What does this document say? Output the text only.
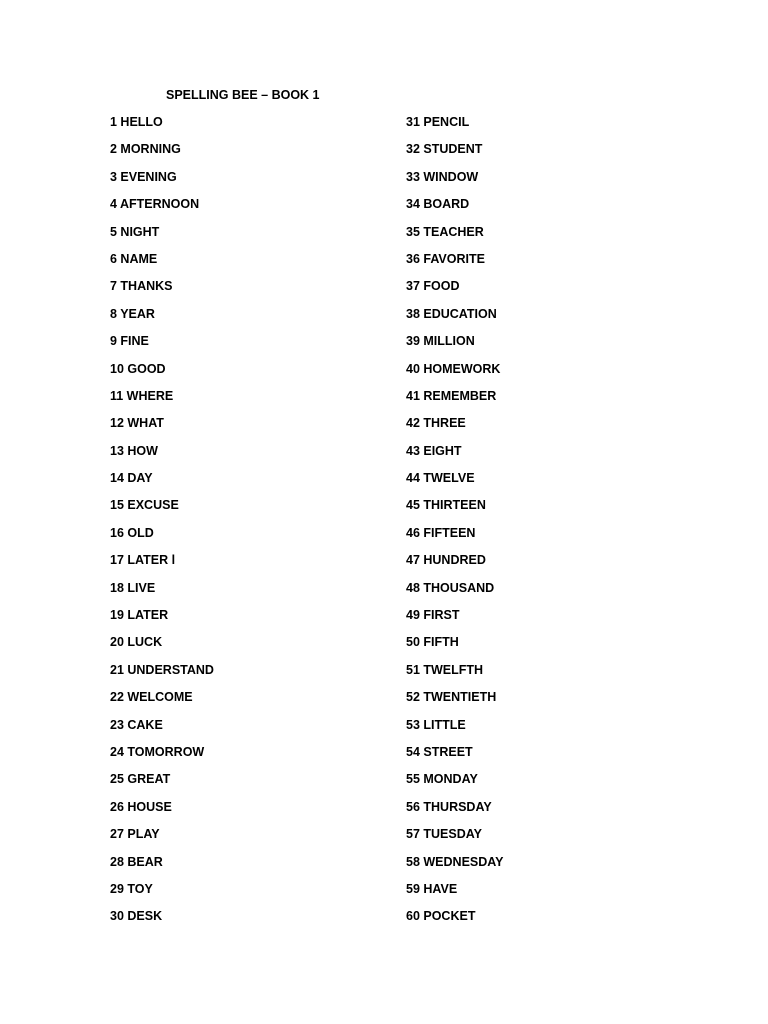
SPELLING BEE – BOOK 1
1 HELLO
2 MORNING
3 EVENING
4 AFTERNOON
5 NIGHT
6 NAME
7 THANKS
8 YEAR
9 FINE
10 GOOD
11 WHERE
12 WHAT
13 HOW
14 DAY
15 EXCUSE
16 OLD
17 LATER l
18 LIVE
19 LATER
20 LUCK
21 UNDERSTAND
22 WELCOME
23 CAKE
24 TOMORROW
25 GREAT
26 HOUSE
27 PLAY
28 BEAR
29 TOY
30 DESK
31 PENCIL
32 STUDENT
33 WINDOW
34 BOARD
35 TEACHER
36 FAVORITE
37 FOOD
38 EDUCATION
39 MILLION
40 HOMEWORK
41 REMEMBER
42 THREE
43 EIGHT
44 TWELVE
45 THIRTEEN
46 FIFTEEN
47 HUNDRED
48 THOUSAND
49 FIRST
50 FIFTH
51 TWELFTH
52 TWENTIETH
53 LITTLE
54 STREET
55 MONDAY
56 THURSDAY
57 TUESDAY
58 WEDNESDAY
59 HAVE
60 POCKET
